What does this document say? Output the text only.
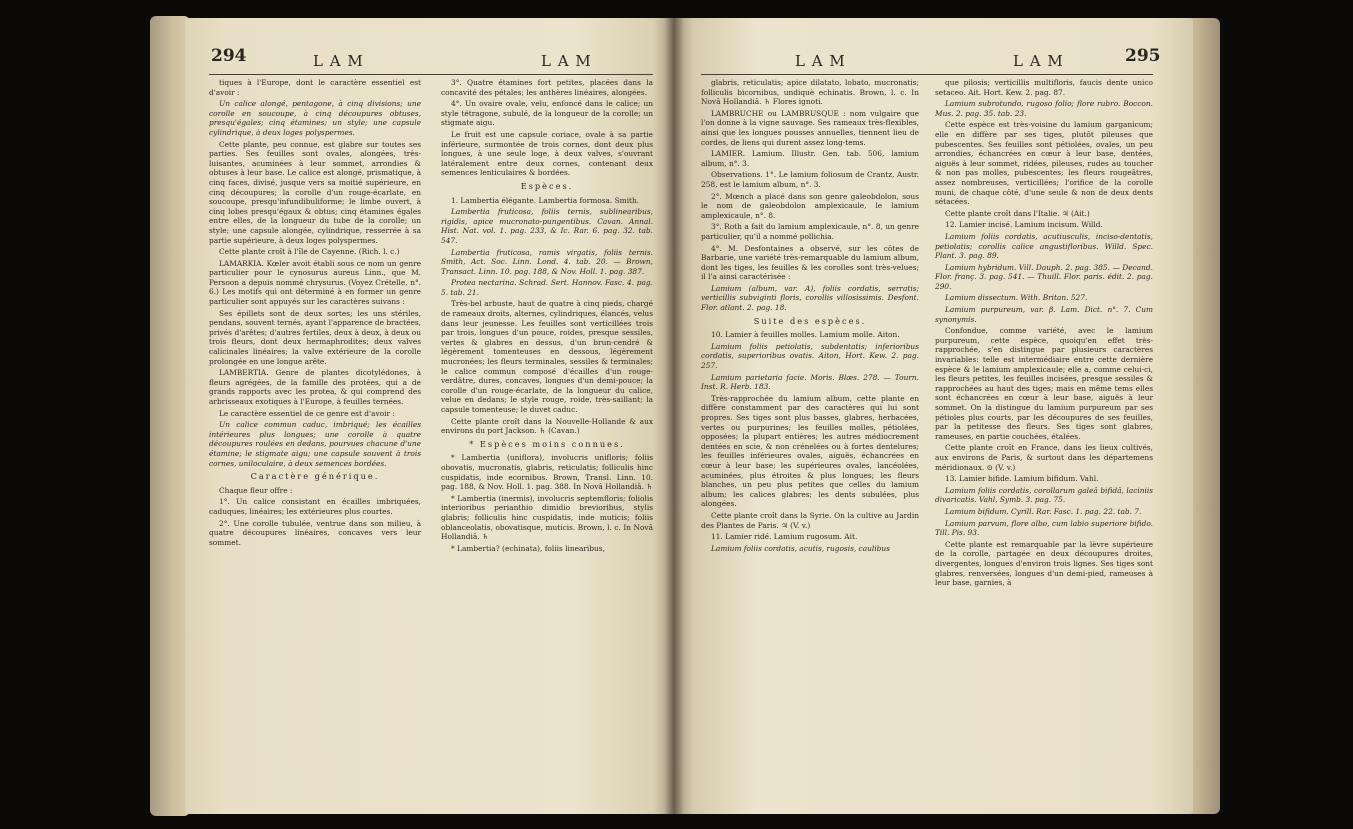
294	L A M	L A M

tiques à l'Europe, dont le caractère essentiel est d'avoir :

Un calice alongé, pentagone, à cinq divisions; une corolle en soucoupe, à cinq découpures obtuses, presqu'égales; cinq étamines; un style; une capsule cylindrique, à deux loges polyspermes.

Cette plante, peu connue, est glabre sur toutes ses parties. Ses feuilles sont ovales, alongées, très-luisantes, acuminées à leur sommet, arrondies & obtuses à leur base. Le calice est alongé, prismatique, à cinq faces, divisé, jusque vers sa moitié supérieure, en cinq découpures; la corolle d'un rouge-écarlate, en soucoupe, presqu'infundibuliforme; le limbe ouvert, à cinq lobes presqu'égaux & obtus; cinq étamines égales entre elles, de la longueur du tube de la corolle; un style; une capsule alongée, cylindrique, resserrée à sa partie supérieure, à deux loges polyspermes.

Cette plante croît à l'île de Cayenne. (Rich. l. c.)

LAMARKIA. Kœler avoit établi sous ce nom un genre particulier pour le cynosurus aureus Linn., que M. Persoon a depuis nommé chrysurus. (Voyez Crételle, n°. 6.) Les motifs qui ont déterminé à en former un genre particulier sont appuyés sur les caractères suivans :

Ses épillets sont de deux sortes; les uns stériles, pendans, souvent ternés, ayant l'apparence de bractées, privés d'arêtes; d'autres fertiles, deux à deux, à deux ou trois fleurs, dont deux hermaphrodites; deux valves calicinales linéaires; la valve extérieure de la corolle prolongée en une longue arête.

LAMBERTIA. Genre de plantes dicotylédones, à fleurs agrégées, de la famille des protées, qui a de grands rapports avec les protea, & qui comprend des arbrisseaux exotiques à l'Europe, à feuilles ternées.

Le caractère essentiel de ce genre est d'avoir :

Un calice commun caduc, imbriqué; les écailles intérieures plus longues; une corolle à quatre découpures roulées en dedans, pourvues chacune d'une étamine; le stigmate aigu; une capsule souvent à trois cornes, uniloculaire, à deux semences bordées.

Caractère générique.

Chaque fleur offre :

1°. Un calice consistant en écailles imbriquées, caduques, linéaires; les extérieures plus courtes.

2°. Une corolle tubulée, ventrue dans son milieu, à quatre découpures linéaires, concaves vers leur sommet.

3°. Quatre étamines fort petites, placées dans la concavité des pétales; les anthères linéaires, alongées.

4°. Un ovaire ovale, velu, enfoncé dans le calice; un style tétragone, subulé, de la longueur de la corolle; un stigmate aigu.

Le fruit est une capsule coriace, ovale à sa partie inférieure, surmontée de trois cornes, dont deux plus longues, à une seule loge, à deux valves, s'ouvrant latéralement entre deux cornes, contenant deux semences lenticulaires & bordées.

Espèces.

1. Lambertia élégante. Lambertia formosa. Smith.

Lambertia fruticosa, foliis ternis, sublinearibus, rigidis, apice mucronato-pungentibus. Cavan. Annal. Hist. Nat. vol. 1. pag. 233, & Ic. Rar. 6. pag. 32. tab. 547.

Lambertia fruticosa, ramis virgatis, foliis ternis. Smith, Act. Soc. Linn. Lond. 4. tab. 20. — Brown, Transact. Linn. 10. pag. 188, & Nov. Holl. 1. pag. 387.

Protea nectarina. Schrad. Sert. Hannov. Fasc. 4. pag. 5. tab. 21.

Très-bel arbuste, haut de quatre à cinq pieds, chargé de rameaux droits, alternes, cylindriques, élancés, velus dans leur jeunesse. Les feuilles sont verticillées trois par trois, longues d'un pouce, roides, presque sessiles, vertes & glabres en dessus, d'un brun-cendré & légèrement tomenteuses en dessous, légèrement mucronées; les fleurs terminales, sessiles & terminales; le calice commun composé d'écailles d'un rouge-verdâtre, dures, concaves, longues d'un demi-pouce; la corolle d'un rouge-écarlate, de la longueur du calice, velue en dedans; le style rouge, roide, très-saillant; la capsule tomenteuse; le duvet caduc.

Cette plante croît dans la Nouvelle-Hollande & aux environs du port Jackson. ♄ (Cavan.)

* Espèces moins connues.

* Lambertia (uniflora), involucris unifloris; foliis obovatis, mucronatis, glabris, reticulatis; folliculis hinc cuspidatis, inde ecornibus. Brown, Transl. Linn. 10. pag. 188, & Nov. Holl. 1. pag. 388. In Novâ Hollandiâ. ♄

* Lambertia (inermis), involucris septemfloris; foliolis interioribus perianthio dimidio brevioribus, stylis glabris; folliculis hinc cuspidatis, inde muticis; foliis oblanceolatis, obovatisque, muticis. Brown, l. c. In Novâ Hollandiâ. ♄

* Lambertia? (echinata), foliis linearibus,

L A M	L A M	295

glabris, reticulatis; apice dilatato, lobato, mucronatis; folliculis bicornibus, undiquè echinatis. Brown, l. c. In Novâ Hollandiâ. ♄ Flores ignoti.

LAMBRUCHE ou LAMBRUSQUE : nom vulgaire que l'on donne à la vigne sauvage. Ses rameaux très-flexibles, ainsi que les longues pousses annuelles, tiennent lieu de cordes, de liens qui durent assez long-tems.

LAMIER. Lamium. Illustr. Gen. tab. 506, lamium album, n°. 3.

Observations. 1°. Le lamium foliosum de Crantz, Austr. 258, est le lamium album, n°. 3.

2°. Mœnch a placé dans son genre galeobdolon, sous le nom de galeobdolon amplexicaule, le lamium amplexicaule, n°. 8.

3°. Roth a fait du lamium amplexicaule, n°. 8, un genre particulier, qu'il a nommé pollichia.

4°. M. Desfontaines a observé, sur les côtes de Barbarie, une variété très-remarquable du lamium album, dont les tiges, les feuilles & les corolles sont très-velues; il l'a ainsi caractérisée :

Lamium (album, var. A), foliis cordatis, serratis; verticillis subviginti floris, corollis villosissimis. Desfont. Flor. atlant. 2. pag. 18.

Suite des espèces.

10. Lamier à feuilles molles. Lamium molle. Aiton.

Lamium foliis petiolatis, subdentatis; inferioribus cordatis, superioribus ovatis. Aiton, Hort. Kew. 2. pag. 257.

Lamium parietaria facie. Moris. Blæs. 278. — Tourn. Inst. R. Herb. 183.

Très-rapprochée du lamium album, cette plante en diffère constamment par des caractères qui lui sont propres. Ses tiges sont plus basses, glabres, herbacées, vertes ou purpurines; les feuilles molles, pétiolées, opposées; la plupart entières; les autres médiocrement dentées en scie, & non crénelées ou à fortes dentelures; les feuilles inférieures ovales, aiguës, échancrées en cœur à leur base; les supérieures ovales, lancéolées, acuminées, plus étroites & plus longues; les fleurs blanches, un peu plus petites que celles du lamium album; les calices glabres; les dents subulées, plus alongées.

Cette plante croît dans la Syrie. On la cultive au Jardin des Plantes de Paris. ♃ (V. v.)

11. Lamier ridé. Lamium rugosum. Ait.

Lamium foliis cordatis, acutis, rugosis, caulibus

que pilosis; verticillis multifloris, faucis dente unico setaceo. Ait. Hort. Kew. 2. pag. 87.

Lamium subrotundo, rugoso folio; flore rubro. Boccon. Mus. 2. pag. 35. tab. 23.

Cette espèce est très-voisine du lamium garganicum; elle en diffère par ses tiges, plutôt pileuses que pubescentes. Ses feuilles sont pétiolées, ovales, un peu arrondies, échancrées en cœur à leur base, dentées, aiguës à leur sommet, ridées, pileuses, rudes au toucher & non pas molles, pubescentes; les fleurs rougeâtres, assez nombreuses, verticillées; l'orifice de la corolle muni, de chaque côté, d'une seule & non de deux dents sétacées.

Cette plante croît dans l'Italie. ♃ (Ait.)

12. Lamier incisé. Lamium incisum. Willd.

Lamium foliis cordatis, acutiusculis, inciso-dentatis, petiolatis; corollis calice angustifloribus. Willd. Spec. Plant. 3. pag. 89.

Lamium hybridum. Vill. Dauph. 2. pag. 385. — Decand. Flor. franç. 3. pag. 541. — Thuill. Flor. paris. édit. 2. pag. 290.

Lamium dissectum. With. Britan. 527.

Lamium purpureum, var. β. Lam. Dict. n°. 7. Cum synonymis.

Confondue, comme variété, avec le lamium purpureum, cette espèce, quoiqu'en effet très-rapprochée, s'en distingue par plusieurs caractères invariables: telle est intermédiaire entre cette dernière espèce & le lamium amplexicaule; elle a, comme celui-ci, les fleurs petites, les feuilles incisées, presque sessiles & rapprochées au haut des tiges; mais en même tems elles sont échancrées en cœur à leur base, aiguës à leur sommet. On la distingue du lamium purpureum par ses pétioles plus courts, par les découpures de ses feuilles, par la petitesse des fleurs. Ses tiges sont glabres, rameuses, en partie couchées, étalées.

Cette plante croît en France, dans les lieux cultivés, aux environs de Paris, & surtout dans les départemens méridionaux. ⊙ (V. v.)

13. Lamier bifide. Lamium bifidum. Vahl.

Lamium foliis cordatis, corollarum galeâ bifidâ, laciniis divaricatis. Vahl, Symb. 3. pag. 75.

Lamium bifidum. Cyrill. Rar. Fasc. 1. pag. 22. tab. 7.

Lamium parvum, flore albo, cum labio superiore bifido. Till. Pis. 93.

Cette plante est remarquable par la lèvre supérieure de la corolle, partagée en deux découpures droites, divergentes, longues d'environ trois lignes. Ses tiges sont glabres, renversées, longues d'un demi-pied, rameuses à leur base, garnies, à
